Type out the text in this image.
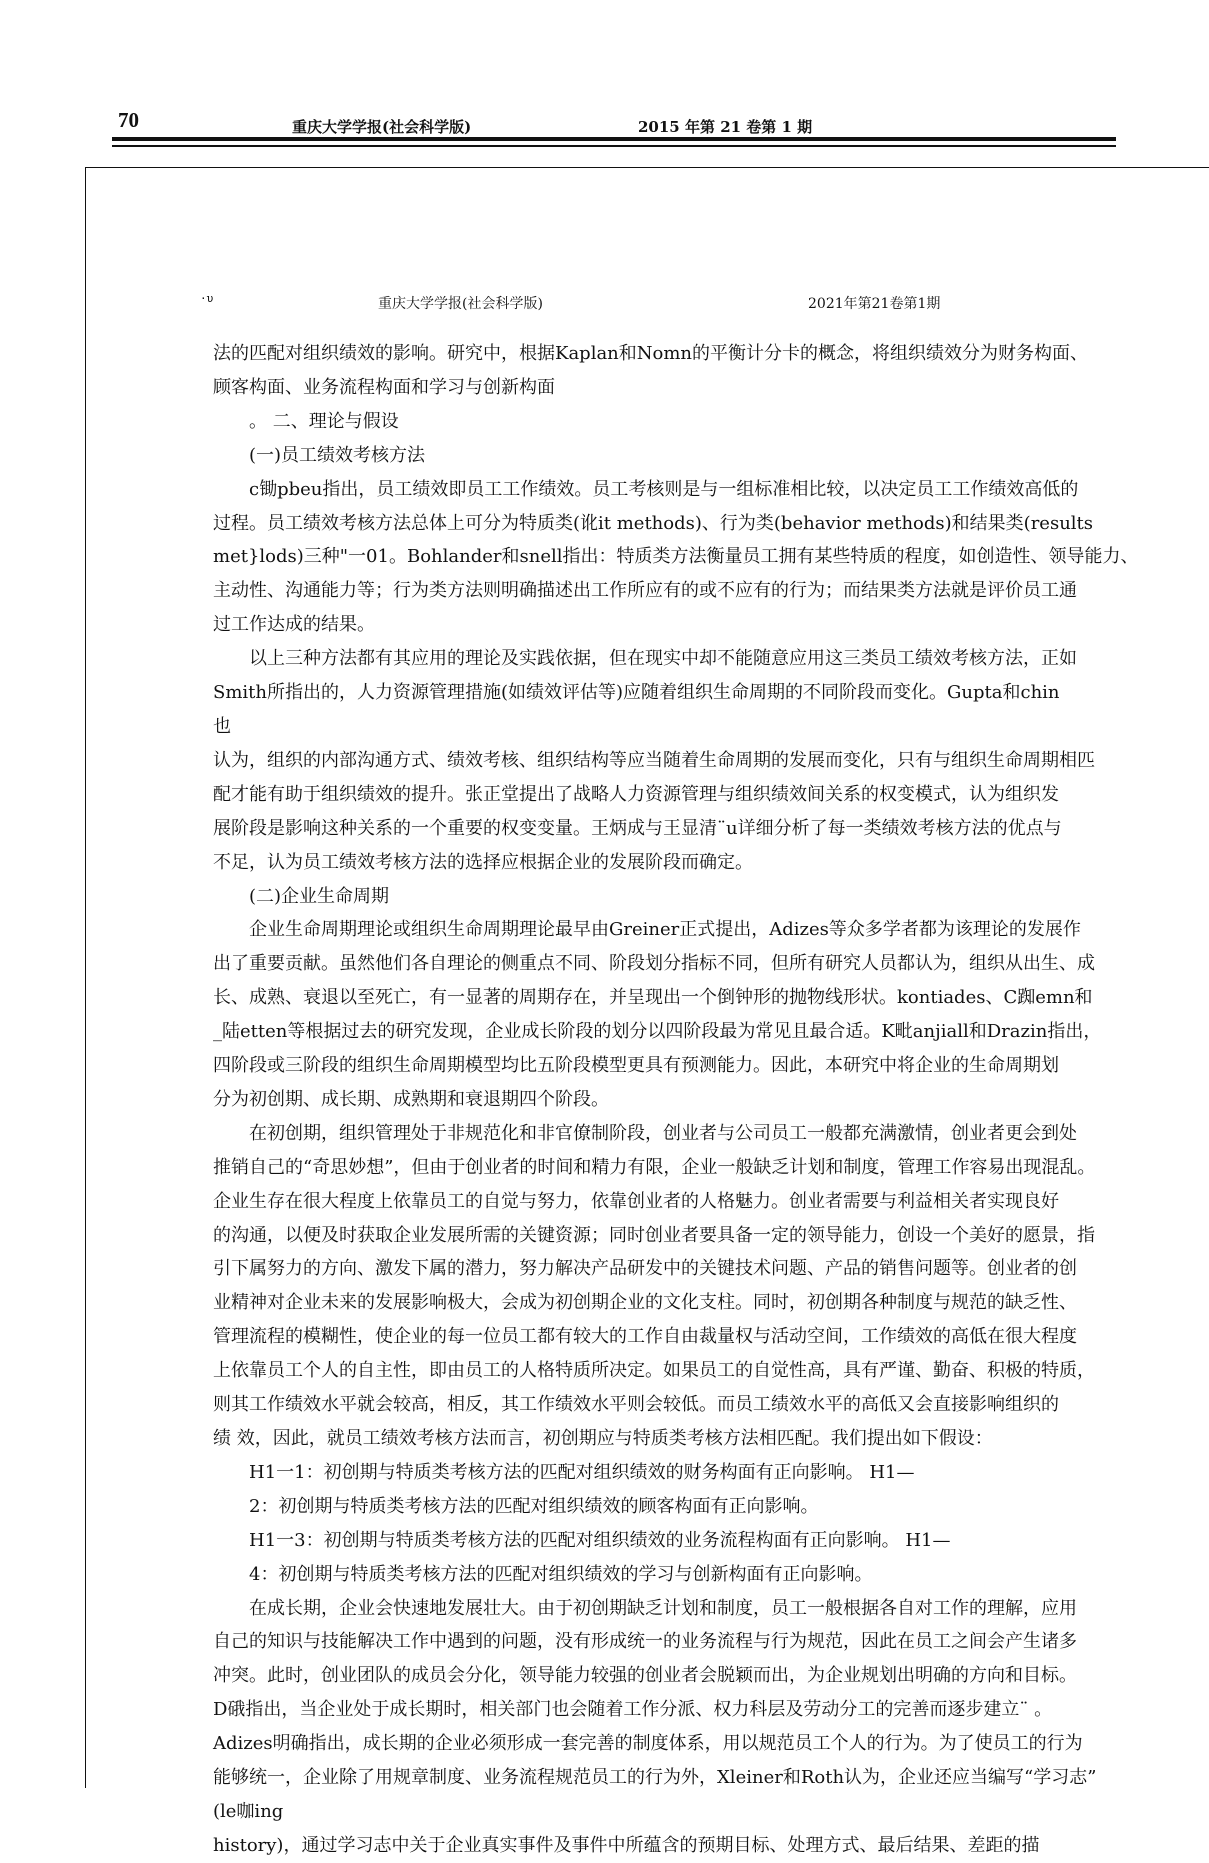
70	重庆大学学报(社会科学版)	2015 年第 21 卷第 1 期
·υ	重庆大学学报(社会科学版)	2021年第21卷第1期

法的匹配对组织绩效的影响。研究中，根据Kaplan和Nomn的平衡计分卡的概念，将组织绩效分为财务构面、

顾客构面、业务流程构面和学习与创新构面

　　。 二、理论与假设

　　(一)员工绩效考核方法

　　c锄pbeu指出，员工绩效即员工工作绩效。员工考核则是与一组标准相比较，以决定员工工作绩效高低的

过程。员工绩效考核方法总体上可分为特质类(讹it methods)、行为类(behavior methods)和结果类(results

met}lods)三种"一01。Bohlander和snell指出：特质类方法衡量员工拥有某些特质的程度，如创造性、领导能力、

主动性、沟通能力等；行为类方法则明确描述出工作所应有的或不应有的行为；而结果类方法就是评价员工通

过工作达成的结果。

　　以上三种方法都有其应用的理论及实践依据，但在现实中却不能随意应用这三类员工绩效考核方法，正如

Smith所指出的，人力资源管理措施(如绩效评估等)应随着组织生命周期的不同阶段而变化。Gupta和chin

也

认为，组织的内部沟通方式、绩效考核、组织结构等应当随着生命周期的发展而变化，只有与组织生命周期相匹

配才能有助于组织绩效的提升。张正堂提出了战略人力资源管理与组织绩效间关系的权变模式，认为组织发

展阶段是影响这种关系的一个重要的权变变量。王炳成与王显清¨u详细分析了每一类绩效考核方法的优点与

不足，认为员工绩效考核方法的选择应根据企业的发展阶段而确定。

　　(二)企业生命周期

　　企业生命周期理论或组织生命周期理论最早由Greiner正式提出，Adizes等众多学者都为该理论的发展作

出了重要贡献。虽然他们各自理论的侧重点不同、阶段划分指标不同，但所有研究人员都认为，组织从出生、成

长、成熟、衰退以至死亡，有一显著的周期存在，并呈现出一个倒钟形的抛物线形状。kontiades、C踟emn和

_陆etten等根据过去的研究发现，企业成长阶段的划分以四阶段最为常见且最合适。K毗anjiall和Drazin指出，

四阶段或三阶段的组织生命周期模型均比五阶段模型更具有预测能力。因此，本研究中将企业的生命周期划

分为初创期、成长期、成熟期和衰退期四个阶段。

　　在初创期，组织管理处于非规范化和非官僚制阶段，创业者与公司员工一般都充满激情，创业者更会到处

推销自己的“奇思妙想”，但由于创业者的时间和精力有限，企业一般缺乏计划和制度，管理工作容易出现混乱。

企业生存在很大程度上依靠员工的自觉与努力，依靠创业者的人格魅力。创业者需要与利益相关者实现良好

的沟通，以便及时获取企业发展所需的关键资源；同时创业者要具备一定的领导能力，创设一个美好的愿景，指

引下属努力的方向、激发下属的潜力，努力解决产品研发中的关键技术问题、产品的销售问题等。创业者的创

业精神对企业未来的发展影响极大，会成为初创期企业的文化支柱。同时，初创期各种制度与规范的缺乏性、

管理流程的模糊性，使企业的每一位员工都有较大的工作自由裁量权与活动空间，工作绩效的高低在很大程度

上依靠员工个人的自主性，即由员工的人格特质所决定。如果员工的自觉性高，具有严谨、勤奋、积极的特质，

则其工作绩效水平就会较高，相反，其工作绩效水平则会较低。而员工绩效水平的高低又会直接影响组织的

绩 效，因此，就员工绩效考核方法而言，初创期应与特质类考核方法相匹配。我们提出如下假设：

　　H1一1：初创期与特质类考核方法的匹配对组织绩效的财务构面有正向影响。 H1—

　　2：初创期与特质类考核方法的匹配对组织绩效的顾客构面有正向影响。

　　H1一3：初创期与特质类考核方法的匹配对组织绩效的业务流程构面有正向影响。 H1—

　　4：初创期与特质类考核方法的匹配对组织绩效的学习与创新构面有正向影响。

　　在成长期，企业会快速地发展壮大。由于初创期缺乏计划和制度，员工一般根据各自对工作的理解，应用

自己的知识与技能解决工作中遇到的问题，没有形成统一的业务流程与行为规范，因此在员工之间会产生诸多

冲突。此时，创业团队的成员会分化，领导能力较强的创业者会脱颖而出，为企业规划出明确的方向和目标。

D硪指出，当企业处于成长期时，相关部门也会随着工作分派、权力科层及劳动分工的完善而逐步建立¨ 。

Adizes明确指出，成长期的企业必须形成一套完善的制度体系，用以规范员工个人的行为。为了使员工的行为

能够统一，企业除了用规章制度、业务流程规范员工的行为外，Xleiner和Roth认为，企业还应当编写“学习志”

(le咖ing

history)，通过学习志中关于企业真实事件及事件中所蕴含的预期目标、处理方式、最后结果、差距的描
